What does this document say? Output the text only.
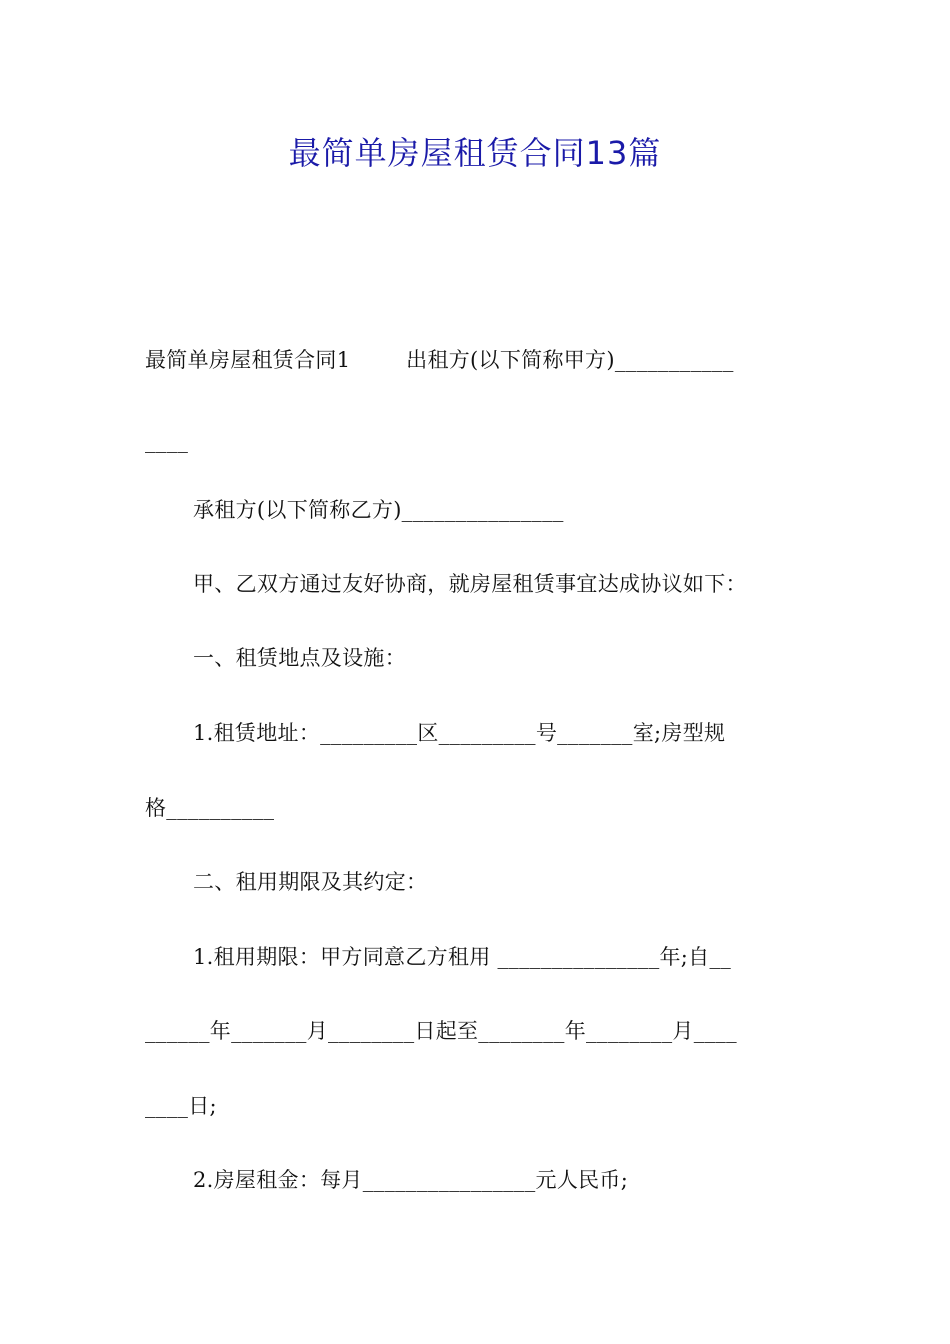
最简单房屋租赁合同13篇
最简单房屋租赁合同1        出租方(以下简称甲方)___________
____
承租方(以下简称乙方)_______________
甲、乙双方通过友好协商，就房屋租赁事宜达成协议如下：
一、租赁地点及设施：
1.租赁地址：_________区_________号_______室;房型规
格__________
二、租用期限及其约定：
1.租用期限：甲方同意乙方租用 _______________年;自__
______年_______月________日起至________年________月____
____日;
2.房屋租金：每月________________元人民币;
